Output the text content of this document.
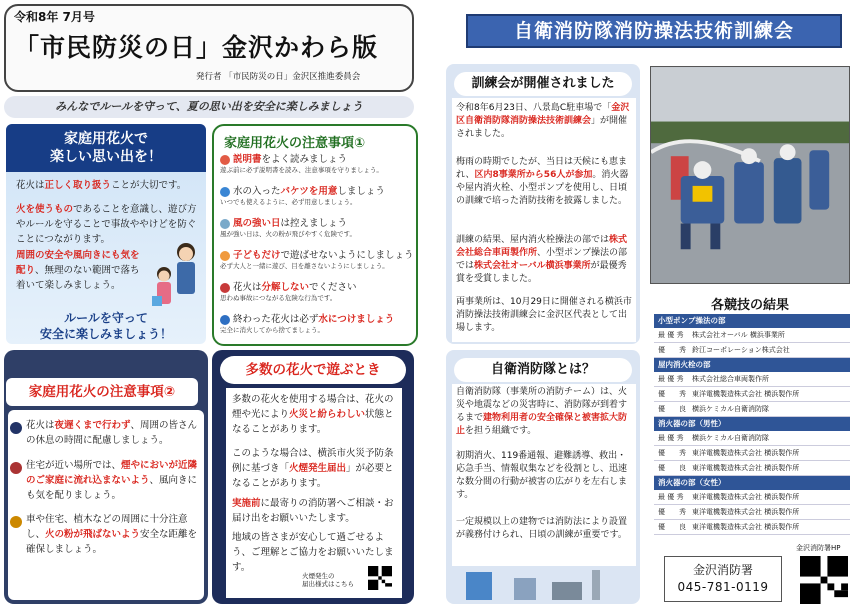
令和8年 7月号
「市民防災の日」金沢かわら版
発行者 「市民防災の日」金沢区推進委員会
みんなでルールを守って、夏の思い出を安全に楽しみましょう
家庭用花火で
楽しい思い出を！
花火は正しく取り扱うことが大切です。
火を使うものであることを意識し、遊び方やルールを守ることで事故ややけどを防ぐことにつながります。
周囲の安全や風向きにも気を配り、無理のない範囲で落ち着いて楽しみましょう。
ルールを守って
安全に楽しみましょう！
家庭用花火の注意事項①
説明書をよく読みましょう
遊ぶ前に必ず説明書を読み、注意事項を守りましょう。
水の入ったバケツを用意しましょう
いつでも使えるように、必ず用意しましょう。
風の強い日は控えましょう
風が強い日は、火の粉が飛びやすく危険です。
子どもだけで遊ばせないようにしましょう
必ず大人と一緒に遊び、目を離さないようにしましょう。
花火は分解しないでください
思わぬ事故につながる危険な行為です。
終わった花火は必ず水につけましょう
完全に消火してから捨てましょう。
家庭用花火の注意事項②
花火は夜遅くまで行わず、周囲の皆さんの休息の時間に配慮しましょう。
住宅が近い場所では、煙やにおいが近隣のご家庭に流れ込まないよう、風向きにも気を配りましょう。
車や住宅、植木などの周囲に十分注意し、火の粉が飛ばないよう安全な距離を確保しましょう。
多数の花火で遊ぶとき
多数の花火を使用する場合は、花火の煙や光により火災と紛らわしい状態となることがあります。
このような場合は、横浜市火災予防条例に基づき「火煙発生届出」が必要となることがあります。
実施前に最寄りの消防署へご相談・お届け出をお願いいたします。
地域の皆さまが安心して過ごせるよう、ご理解とご協力をお願いいたします。
火煙発生の
届出様式はこちら
自衛消防隊消防操法技術訓練会
訓練会が開催されました
令和8年6月23日、八景島C駐車場で「金沢区自衛消防隊消防操法技術訓練会」が開催されました。
梅雨の時期でしたが、当日は天候にも恵まれ、区内8事業所から56人が参加。消火器や屋内消火栓、小型ポンプを使用し、日頃の訓練で培った消防技術を披露しました。
訓練の結果、屋内消火栓操法の部では株式会社総合車両製作所、小型ポンプ操法の部では株式会社オーバル横浜事業所が最優秀賞を受賞しました。
両事業所は、10月29日に開催される横浜市消防操法技術訓練会に金沢区代表として出場します。
各競技の結果
小型ポンプ操法の部
最 優 秀	株式会社オーバル 横浜事業所
優　　秀 鈴江コーポレーション株式会社
屋内消火栓の部
最 優 秀	株式会社総合車両製作所
優　　秀 東洋電機製造株式会社 横浜製作所
優　　良 横浜ケミカル自衛消防隊
消火器の部（男性）
最 優 秀	横浜ケミカル自衛消防隊
優　　秀 東洋電機製造株式会社 横浜製作所
優　　良 東洋電機製造株式会社 横浜製作所
消火器の部（女性）
最 優 秀	東洋電機製造株式会社 横浜製作所
優　　秀 東洋電機製造株式会社 横浜製作所
優　　良 東洋電機製造株式会社 横浜製作所
自衛消防隊とは？
自衛消防隊（事業所の消防チーム）は、火災や地震などの災害時に、消防隊が到着するまで建物利用者の安全確保と被害拡大防止を担う組織です。
初期消火、119番通報、避難誘導、救出・応急手当、情報収集などを役割とし、迅速な数分間の行動が被害の広がりを左右します。
一定規模以上の建物では消防法により設置が義務付けられ、日頃の訓練が重要です。
金沢消防署
045-781-0119
金沢消防署HP
